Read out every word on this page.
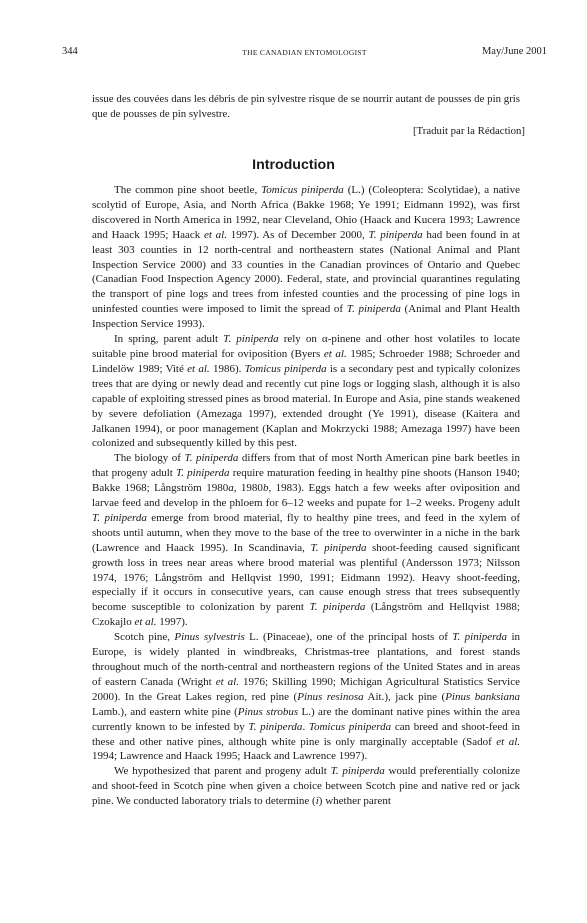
344	THE CANADIAN ENTOMOLOGIST	May/June 2001

issue des couvées dans les débris de pin sylvestre risque de se nourrir autant de pousses de pin gris que de pousses de pin sylvestre.

[Traduit par la Rédaction]
Introduction

The common pine shoot beetle, Tomicus piniperda (L.) (Coleoptera: Scolytidae), a native scolytid of Europe, Asia, and North Africa (Bakke 1968; Ye 1991; Eidmann 1992), was first discovered in North America in 1992, near Cleveland, Ohio (Haack and Kucera 1993; Lawrence and Haack 1995; Haack et al. 1997). As of December 2000, T. piniperda had been found in at least 303 counties in 12 north-central and northeastern states (National Animal and Plant Inspection Service 2000) and 33 counties in the Canadian provinces of Ontario and Quebec (Canadian Food Inspection Agency 2000). Federal, state, and provincial quarantines regulating the transport of pine logs and trees from infested counties and the processing of pine logs in uninfested counties were imposed to limit the spread of T. piniperda (Animal and Plant Health Inspection Service 1993).

In spring, parent adult T. piniperda rely on α-pinene and other host volatiles to locate suitable pine brood material for oviposition (Byers et al. 1985; Schroeder 1988; Schroeder and Lindelöw 1989; Vité et al. 1986). Tomicus piniperda is a secondary pest and typically colonizes trees that are dying or newly dead and recently cut pine logs or logging slash, although it is also capable of exploiting stressed pines as brood material. In Europe and Asia, pine stands weakened by severe defoliation (Amezaga 1997), extended drought (Ye 1991), disease (Kaitera and Jalkanen 1994), or poor management (Kaplan and Mokrzycki 1988; Amezaga 1997) have been colonized and subsequently killed by this pest.

The biology of T. piniperda differs from that of most North American pine bark beetles in that progeny adult T. piniperda require maturation feeding in healthy pine shoots (Hanson 1940; Bakke 1968; Långström 1980a, 1980b, 1983). Eggs hatch a few weeks after oviposition and larvae feed and develop in the phloem for 6–12 weeks and pupate for 1–2 weeks. Progeny adult T. piniperda emerge from brood material, fly to healthy pine trees, and feed in the xylem of shoots until autumn, when they move to the base of the tree to overwinter in a niche in the bark (Lawrence and Haack 1995). In Scandinavia, T. piniperda shoot-feeding caused significant growth loss in trees near areas where brood material was plentiful (Andersson 1973; Nilsson 1974, 1976; Långström and Hellqvist 1990, 1991; Eidmann 1992). Heavy shoot-feeding, especially if it occurs in consecutive years, can cause enough stress that trees subsequently become susceptible to colonization by parent T. piniperda (Långström and Hellqvist 1988; Czokajlo et al. 1997).

Scotch pine, Pinus sylvestris L. (Pinaceae), one of the principal hosts of T. piniperda in Europe, is widely planted in windbreaks, Christmas-tree plantations, and forest stands throughout much of the north-central and northeastern regions of the United States and in areas of eastern Canada (Wright et al. 1976; Skilling 1990; Michigan Agricultural Statistics Service 2000). In the Great Lakes region, red pine (Pinus resinosa Ait.), jack pine (Pinus banksiana Lamb.), and eastern white pine (Pinus strobus L.) are the dominant native pines within the area currently known to be infested by T. piniperda. Tomicus piniperda can breed and shoot-feed in these and other native pines, although white pine is only marginally acceptable (Sadof et al. 1994; Lawrence and Haack 1995; Haack and Lawrence 1997).

We hypothesized that parent and progeny adult T. piniperda would preferentially colonize and shoot-feed in Scotch pine when given a choice between Scotch pine and native red or jack pine. We conducted laboratory trials to determine (i) whether parent
